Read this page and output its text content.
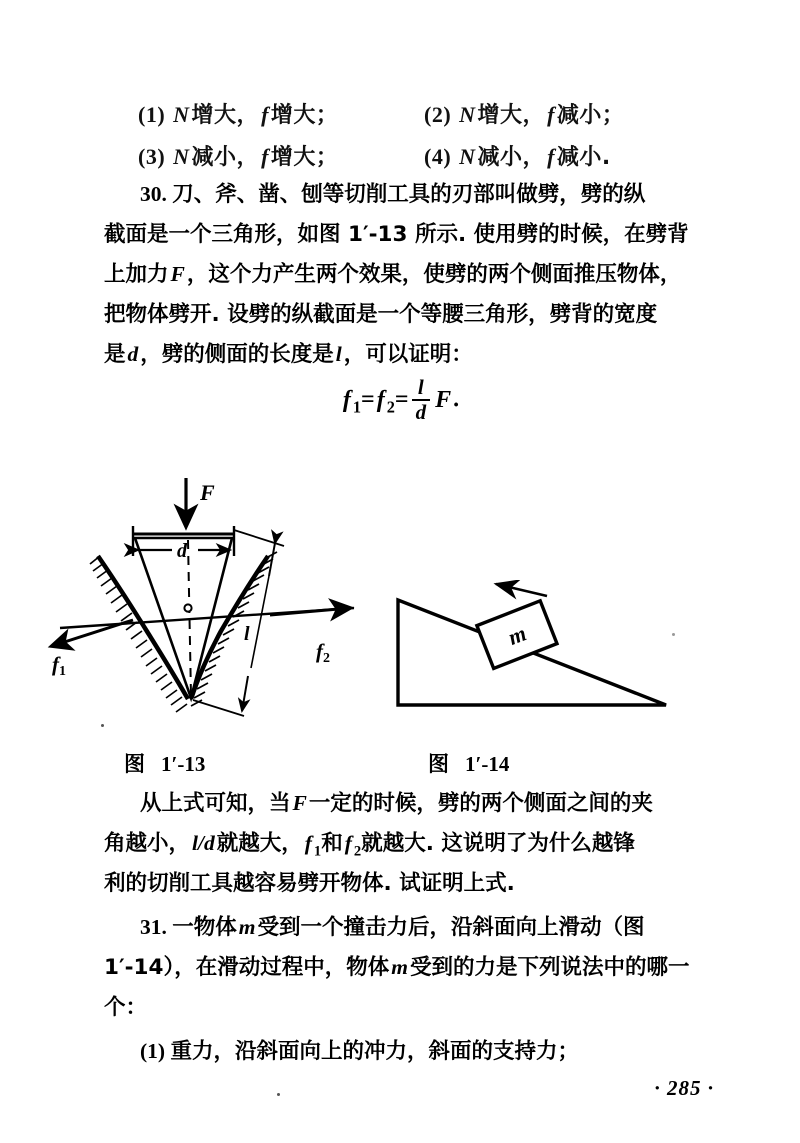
(1) N增大，f增大；	(2) N增大，f减小；
(3) N减小，f增大；	(4) N减小，f减小.
30. 刀、斧、凿、刨等切削工具的刃部叫做劈，劈的纵
截面是一个三角形，如图 1′-13 所示. 使用劈的时候，在劈背
上加力F，这个力产生两个效果，使劈的两个侧面推压物体，
把物体劈开. 设劈的纵截面是一个等腰三角形，劈背的宽度
是d，劈的侧面的长度是l，可以证明：
f $_1$=f $_2= \frac{l}{d} F$.
F
d
f1
f2
l	m
图 1′-13	图 1′-14
从上式可知，当F一定的时候，劈的两个侧面之间的夹
角越小，l/d就越大，f $_1$和f $_2$就越大. 这说明了为什么越锋
利的切削工具越容易劈开物体. 试证明上式.
31. 一物体m受到一个撞击力后，沿斜面向上滑动（图
1′-14），在滑动过程中，物体m受到的力是下列说法中的哪一
个：
(1) 重力，沿斜面向上的冲力，斜面的支持力；
· 285 ·
